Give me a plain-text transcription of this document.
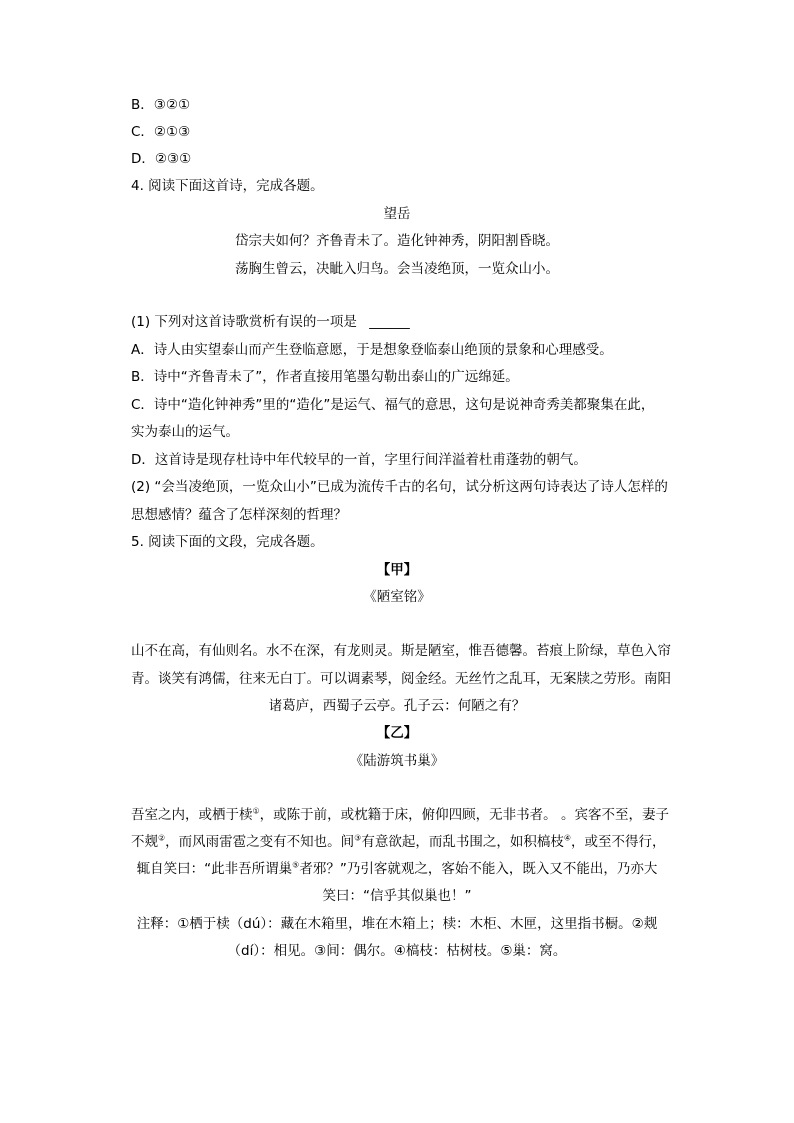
B．③②①
C．②①③
D．②③①
4. 阅读下面这首诗，完成各题。
望岳
岱宗夫如何？齐鲁青未了。造化钟神秀，阴阳割昏晓。
荡胸生曾云，决眦入归鸟。会当凌绝顶，一览众山小。
(1) 下列对这首诗歌赏析有误的一项是 ______
A．诗人由实望泰山而产生登临意愿，于是想象登临泰山绝顶的景象和心理感受。
B．诗中“齐鲁青未了”，作者直接用笔墨勾勒出泰山的广远绵延。
C．诗中“造化钟神秀”里的“造化”是运气、福气的意思，这句是说神奇秀美都聚集在此，
实为泰山的运气。
D．这首诗是现存杜诗中年代较早的一首，字里行间洋溢着杜甫蓬勃的朝气。
(2) “会当凌绝顶，一览众山小”已成为流传千古的名句，试分析这两句诗表达了诗人怎样的
思想感情？蕴含了怎样深刻的哲理？
5. 阅读下面的文段，完成各题。
【甲】
《陋室铭》
山不在高，有仙则名。水不在深，有龙则灵。斯是陋室，惟吾德馨。苔痕上阶绿，草色入帘
青。谈笑有鸿儒，往来无白丁。可以调素琴，阅金经。无丝竹之乱耳，无案牍之劳形。南阳
诸葛庐，西蜀子云亭。孔子云：何陋之有？
【乙】
《陆游筑书巢》
吾室之内，或栖于椟①，或陈于前，或枕籍于床，俯仰四顾，无非书者。 。宾客不至，妻子
不觌②，而风雨雷雹之变有不知也。间③有意欲起，而乱书围之，如积槁枝④，或至不得行，
辄自笑曰：“此非吾所谓巢⑤者邪？”乃引客就观之，客始不能入，既入又不能出，乃亦大
笑曰：“信乎其似巢也！”
注释：①栖于椟（dú）：藏在木箱里，堆在木箱上；椟：木柜、木匣，这里指书橱。②觌
（dí）：相见。③间：偶尔。④槁枝：枯树枝。⑤巢：窝。
